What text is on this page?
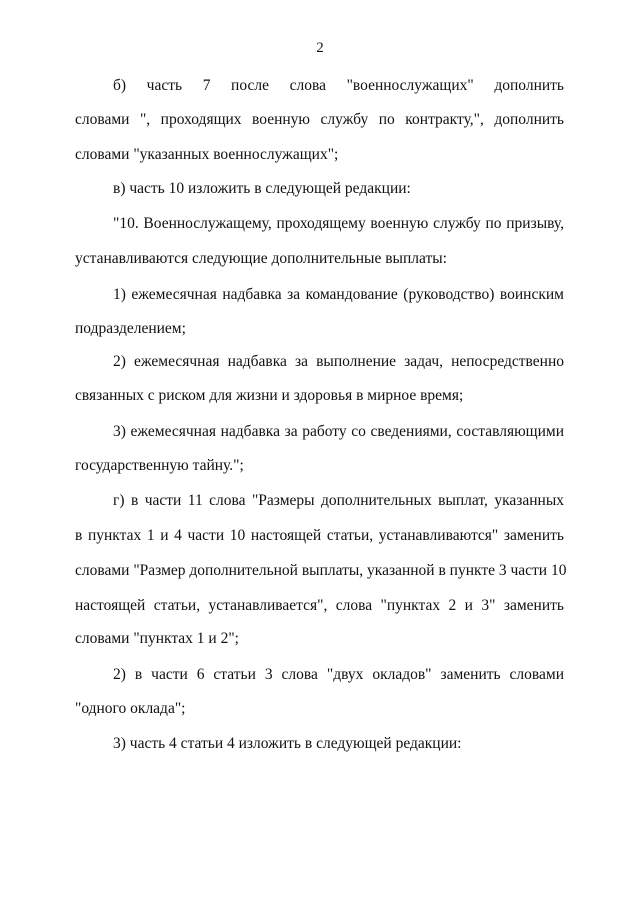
2
б) часть 7 после слова "военнослужащих" дополнить
словами ", проходящих военную службу по контракту,", дополнить
словами "указанных военнослужащих";
в) часть 10 изложить в следующей редакции:
"10. Военнослужащему, проходящему военную службу по призыву,
устанавливаются следующие дополнительные выплаты:
1) ежемесячная надбавка за командование (руководство) воинским
подразделением;
2) ежемесячная надбавка за выполнение задач, непосредственно
связанных с риском для жизни и здоровья в мирное время;
3) ежемесячная надбавка за работу со сведениями, составляющими
государственную тайну.";
г) в части 11 слова "Размеры дополнительных выплат, указанных
в пунктах 1 и 4 части 10 настоящей статьи, устанавливаются" заменить
словами "Размер дополнительной выплаты, указанной в пункте 3 части 10
настоящей статьи, устанавливается", слова "пунктах 2 и 3" заменить
словами "пунктах 1 и 2";
2) в части 6 статьи 3 слова "двух окладов" заменить словами
"одного оклада";
3) часть 4 статьи 4 изложить в следующей редакции:
